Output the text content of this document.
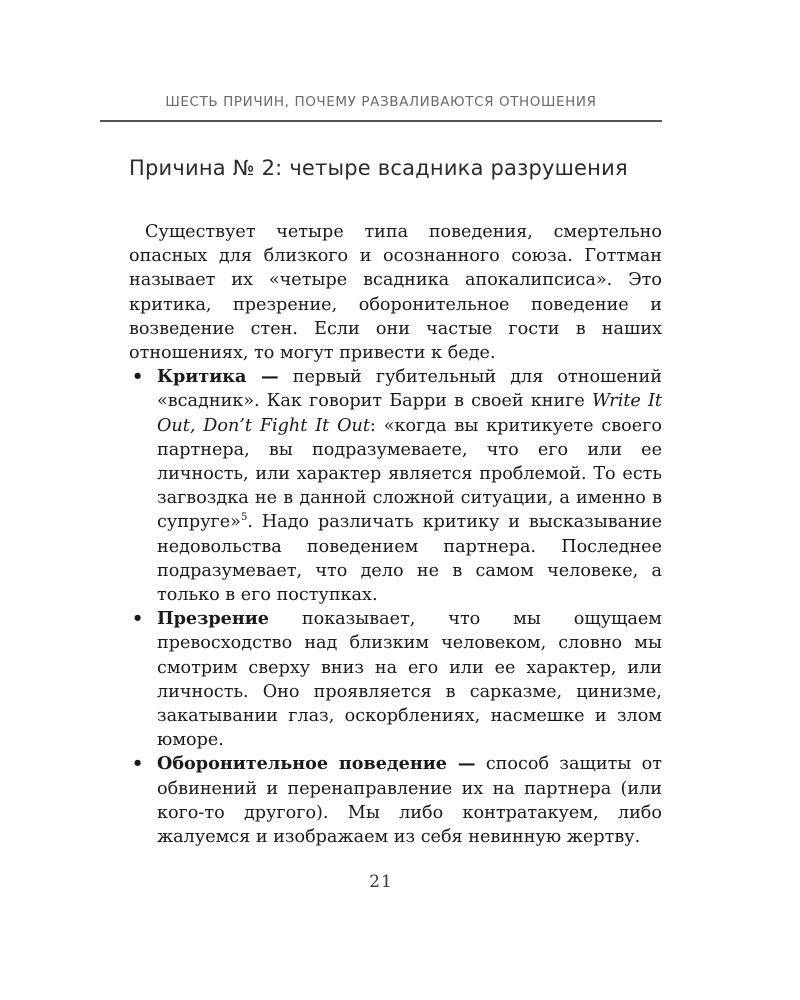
ШЕСТЬ ПРИЧИН, ПОЧЕМУ РАЗВАЛИВАЮТСЯ ОТНОШЕНИЯ
Причина № 2: четыре всадника разрушения

Существует четыре типа поведения, смертельно опасных для близкого и осознанного союза. Готтман называет их «четыре всадника апокалипсиса». Это критика, презрение, оборонительное поведение и возведение стен. Если они частые гости в наших отношениях, то могут привести к беде.

• Критика — первый губительный для отношений «всадник». Как говорит Барри в своей книге Write It Out, Don’t Fight It Out: «когда вы критикуете своего партнера, вы подразумеваете, что его или ее личность, или характер является проблемой. То есть загвоздка не в данной сложной ситуации, а именно в супруге»$^5$. Надо различать критику и высказывание недовольства поведением партнера. Последнее подразумевает, что дело не в самом человеке, а только в его поступках.
• Презрение показывает, что мы ощущаем превосходство над близким человеком, словно мы смотрим сверху вниз на его или ее характер, или личность. Оно проявляется в сарказме, цинизме, закатывании глаз, оскорблениях, насмешке и злом юморе.
• Оборонительное поведение — способ защиты от обвинений и перенаправление их на партнера (или кого-то другого). Мы либо контратакуем, либо жалуемся и изображаем из себя невинную жертву.
21
